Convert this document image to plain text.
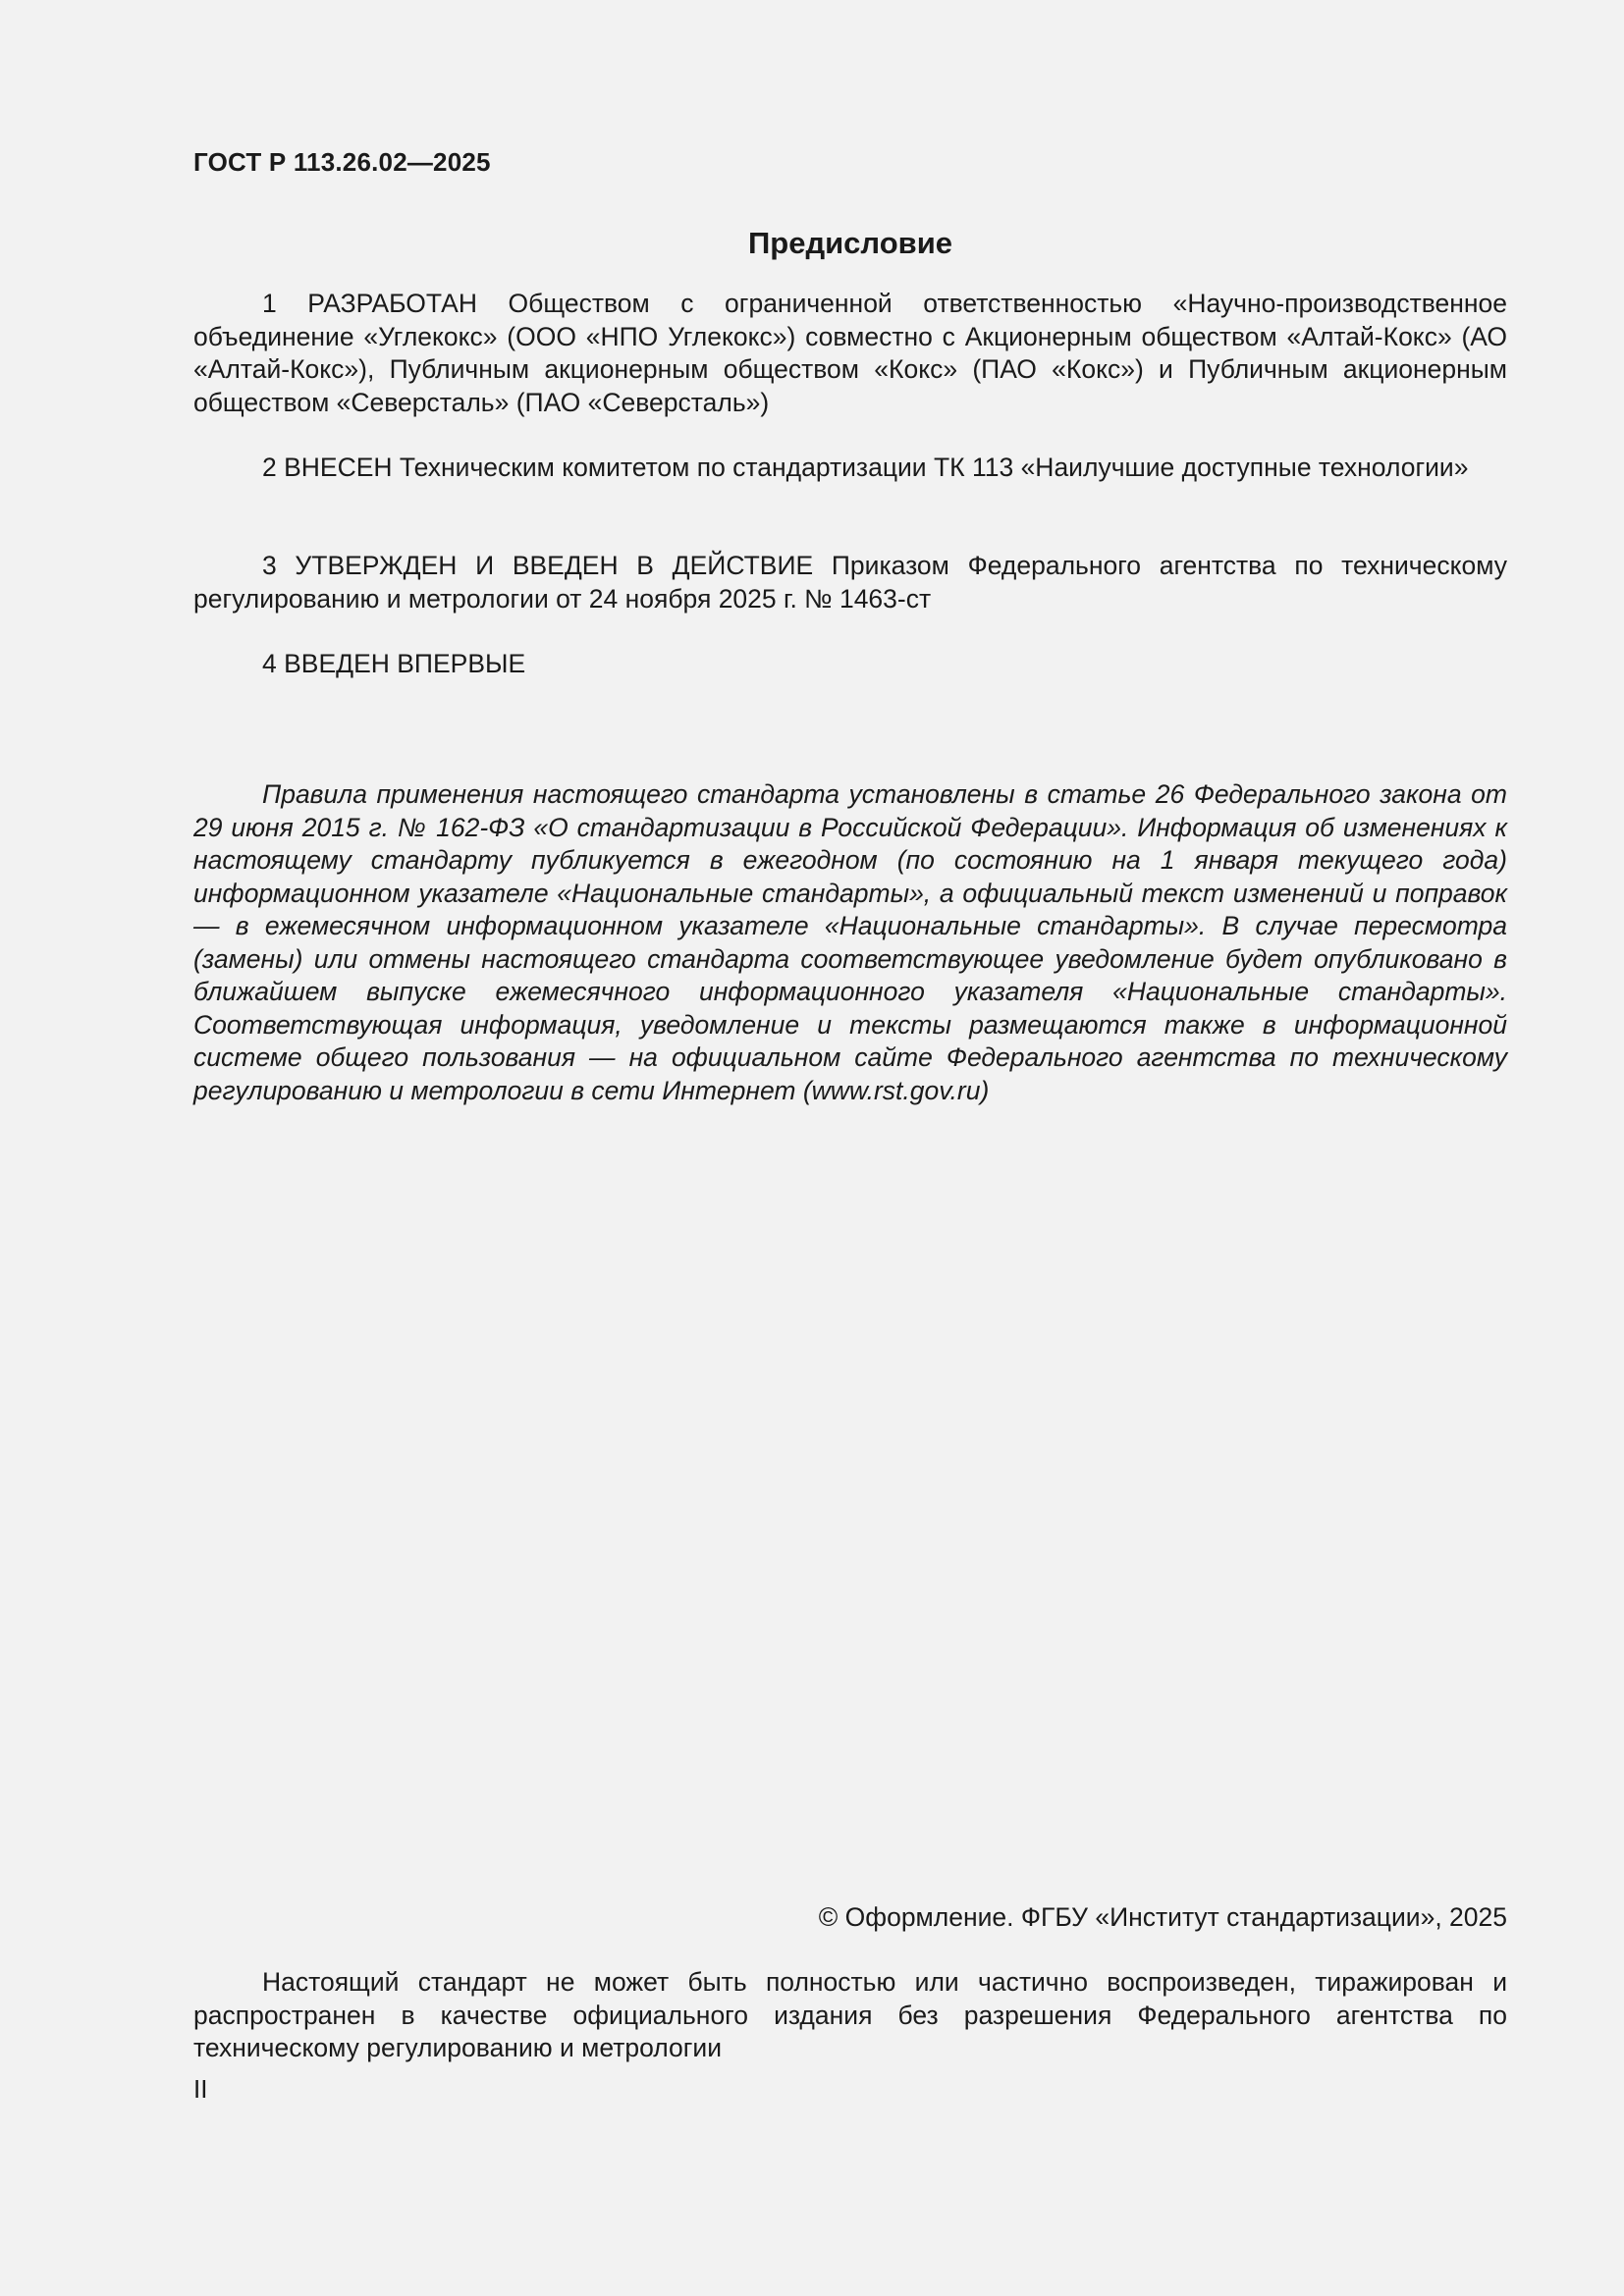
ГОСТ Р 113.26.02—2025
Предисловие

1 РАЗРАБОТАН Обществом с ограниченной ответственностью «Научно-производственное объединение «Углекокс» (ООО «НПО Углекокс») совместно с Акционерным обществом «Алтай-Кокс» (АО «Алтай-Кокс»), Публичным акционерным обществом «Кокс» (ПАО «Кокс») и Публичным акционерным обществом «Северсталь» (ПАО «Северсталь»)

2 ВНЕСЕН Техническим комитетом по стандартизации ТК 113 «Наилучшие доступные технологии»

3 УТВЕРЖДЕН И ВВЕДЕН В ДЕЙСТВИЕ Приказом Федерального агентства по техническому регулированию и метрологии от 24 ноября 2025 г. № 1463-ст

4 ВВЕДЕН ВПЕРВЫЕ

Правила применения настоящего стандарта установлены в статье 26 Федерального закона от 29 июня 2015 г. № 162-ФЗ «О стандартизации в Российской Федерации». Информация об изменениях к настоящему стандарту публикуется в ежегодном (по состоянию на 1 января текущего года) информационном указателе «Национальные стандарты», а официальный текст изменений и поправок — в ежемесячном информационном указателе «Национальные стандарты». В случае пересмотра (замены) или отмены настоящего стандарта соответствующее уведомление будет опубликовано в ближайшем выпуске ежемесячного информационного указателя «Национальные стандарты». Соответствующая информация, уведомление и тексты размещаются также в информационной системе общего пользования — на официальном сайте Федерального агентства по техническому регулированию и метрологии в сети Интернет (www.rst.gov.ru)

© Оформление. ФГБУ «Институт стандартизации», 2025

Настоящий стандарт не может быть полностью или частично воспроизведен, тиражирован и распространен в качестве официального издания без разрешения Федерального агентства по техническому регулированию и метрологии

II
